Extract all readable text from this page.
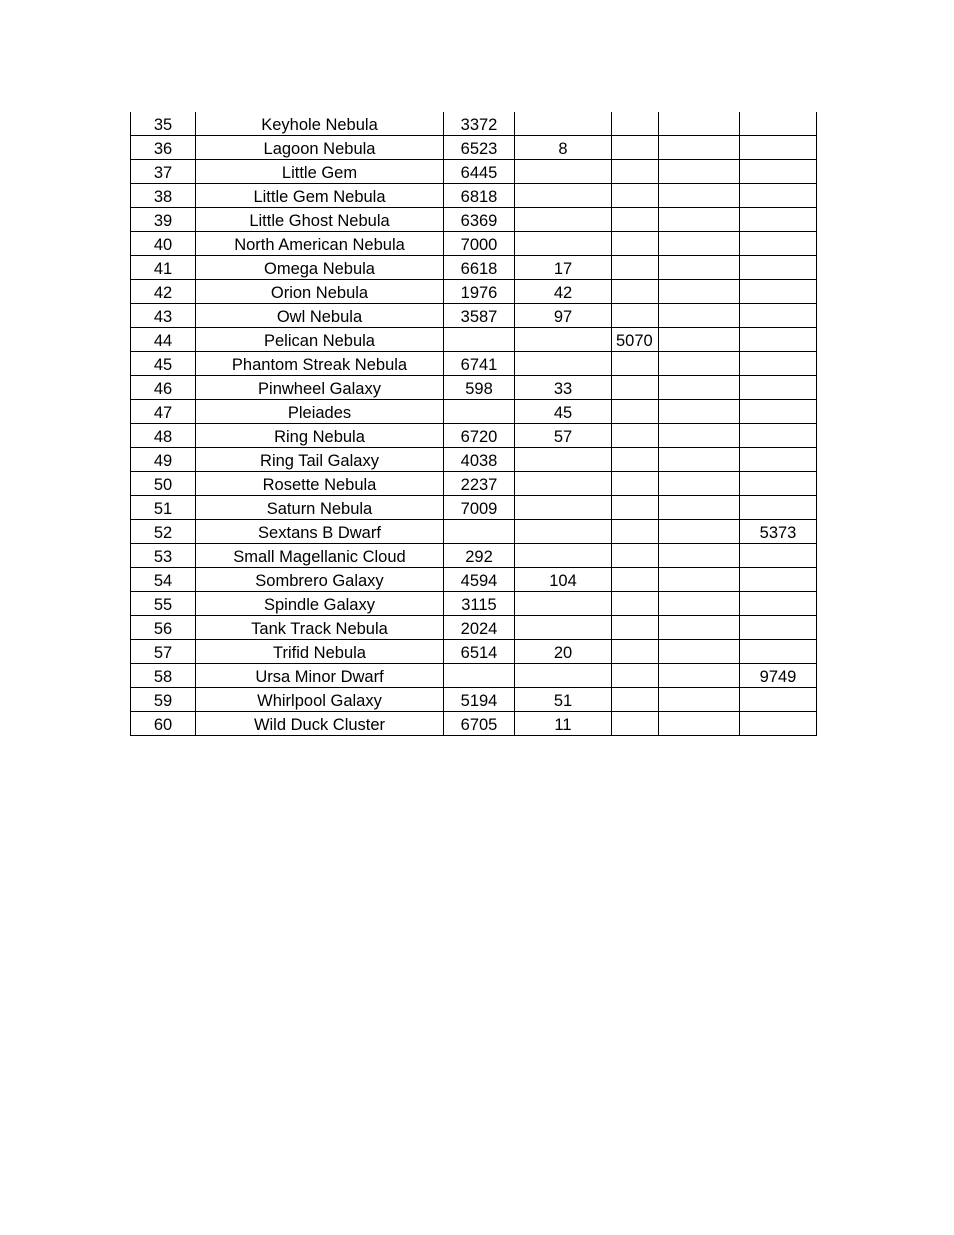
35	Keyhole Nebula	3372				
36	Lagoon Nebula	6523	8			
37	Little Gem	6445				
38	Little Gem Nebula	6818				
39	Little Ghost Nebula	6369				
40	North American Nebula	7000				
41	Omega Nebula	6618	17			
42	Orion Nebula	1976	42			
43	Owl Nebula	3587	97			
44	Pelican Nebula			5070		
45	Phantom Streak Nebula	6741				
46	Pinwheel Galaxy	598	33			
47	Pleiades		45			
48	Ring Nebula	6720	57			
49	Ring Tail Galaxy	4038				
50	Rosette Nebula	2237				
51	Saturn Nebula	7009				
52	Sextans B Dwarf					5373
53	Small Magellanic Cloud	292				
54	Sombrero Galaxy	4594	104			
55	Spindle Galaxy	3115				
56	Tank Track Nebula	2024				
57	Trifid Nebula	6514	20			
58	Ursa Minor Dwarf					9749
59	Whirlpool Galaxy	5194	51			
60	Wild Duck Cluster	6705	11			
